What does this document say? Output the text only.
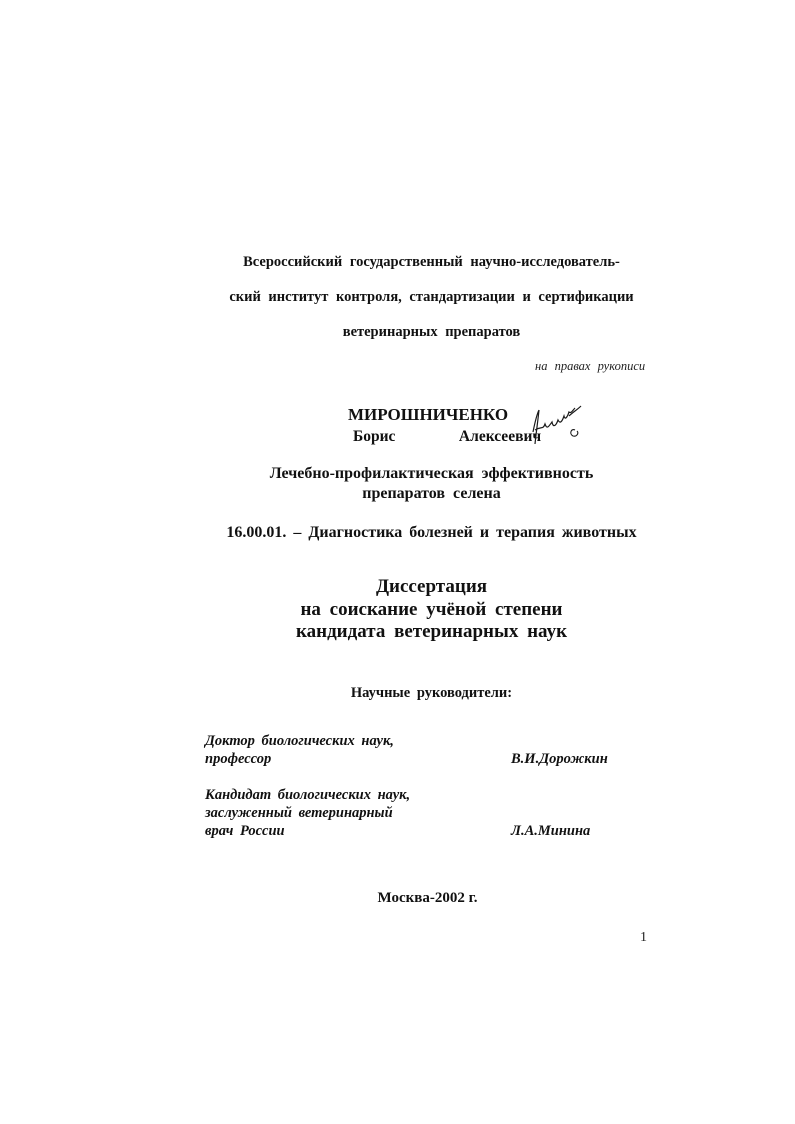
Всероссийский государственный научно-исследователь-
ский институт контроля, стандартизации и сертификации
ветеринарных препаратов
на правах рукописи
МИРОШНИЧЕНКО
Борис    Алексеевич
Лечебно-профилактическая эффективность
препаратов селена
16.00.01. – Диагностика болезней и терапия животных
Диссертация
на соискание учёной степени
кандидата ветеринарных наук
Научные руководители:
Доктор биологических наук,
профессор	В.И.Дорожкин
Кандидат биологических наук,
заслуженный ветеринарный
врач России	Л.А.Минина
Москва-2002 г.
1
